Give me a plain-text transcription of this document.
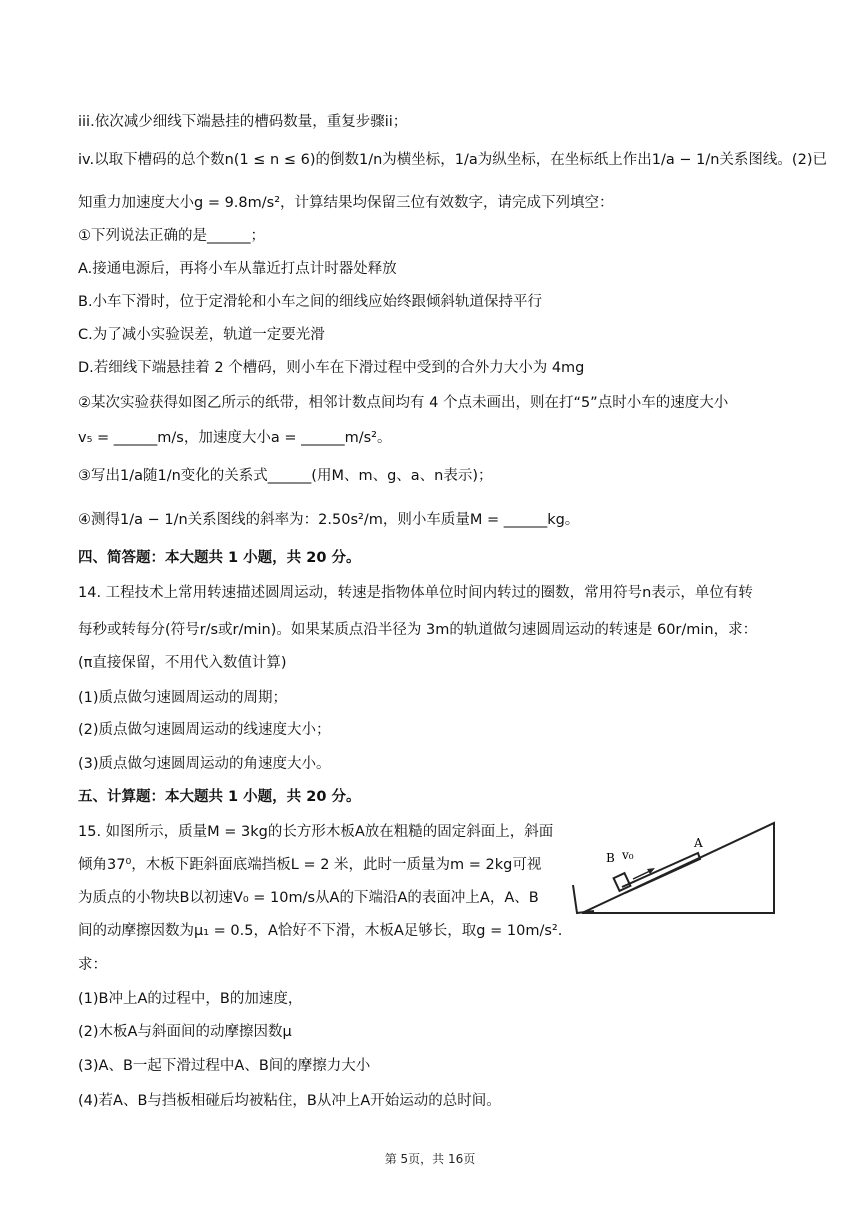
iii.依次减少细线下端悬挂的槽码数量，重复步骤ii；
iv.以取下槽码的总个数n(1 ≤ n ≤ 6)的倒数1/n为横坐标，1/a为纵坐标，在坐标纸上作出1/a − 1/n关系图线。(2)已
知重力加速度大小g = 9.8m/s²，计算结果均保留三位有效数字，请完成下列填空：
①下列说法正确的是______；
A.接通电源后，再将小车从靠近打点计时器处释放
B.小车下滑时，位于定滑轮和小车之间的细线应始终跟倾斜轨道保持平行
C.为了减小实验误差，轨道一定要光滑
D.若细线下端悬挂着 2 个槽码，则小车在下滑过程中受到的合外力大小为 4mg
②某次实验获得如图乙所示的纸带，相邻计数点间均有 4 个点未画出，则在打“5”点时小车的速度大小
v₅ = ______m/s，加速度大小a = ______m/s²。
③写出1/a随1/n变化的关系式______(用M、m、g、a、n表示)；
④测得1/a − 1/n关系图线的斜率为：2.50s²/m，则小车质量M = ______kg。
四、简答题：本大题共 1 小题，共 20 分。
14. 工程技术上常用转速描述圆周运动，转速是指物体单位时间内转过的圈数，常用符号n表示，单位有转
每秒或转每分(符号r/s或r/min)。如果某质点沿半径为 3m的轨道做匀速圆周运动的转速是 60r/min，求：
(π直接保留，不用代入数值计算)
(1)质点做匀速圆周运动的周期；
(2)质点做匀速圆周运动的线速度大小；
(3)质点做匀速圆周运动的角速度大小。
五、计算题：本大题共 1 小题，共 20 分。
15. 如图所示，质量M = 3kg的长方形木板A放在粗糙的固定斜面上，斜面
倾角37⁰，木板下距斜面底端挡板L = 2 米，此时一质量为m = 2kg可视
为质点的小物块B以初速V₀ = 10m/s从A的下端沿A的表面冲上A，A、B
间的动摩擦因数为μ₁ = 0.5，A恰好不下滑，木板A足够长，取g = 10m/s².
求：
(1)B冲上A的过程中，B的加速度，
(2)木板A与斜面间的动摩擦因数μ
(3)A、B一起下滑过程中A、B间的摩擦力大小
(4)若A、B与挡板相碰后均被粘住，B从冲上A开始运动的总时间。
B v₀
A
第 5页，共 16页
